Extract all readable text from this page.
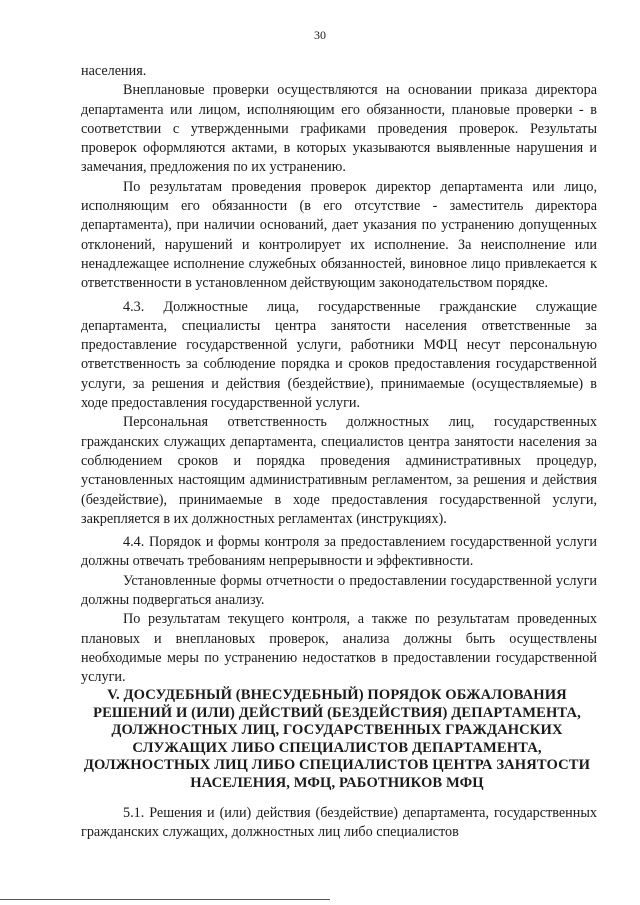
30

населения.

Внеплановые проверки осуществляются на основании приказа директора департамента или лицом, исполняющим его обязанности, плановые проверки - в соответствии с утвержденными графиками проведения проверок. Результаты проверок оформляются актами, в которых указываются выявленные нарушения и замечания, предложения по их устранению.

По результатам проведения проверок директор департамента или лицо, исполняющим его обязанности (в его отсутствие - заместитель директора департамента), при наличии оснований, дает указания по устранению допущенных отклонений, нарушений и контролирует их исполнение. За неисполнение или ненадлежащее исполнение служебных обязанностей, виновное лицо привлекается к ответственности в установленном действующим законодательством порядке.

4.3. Должностные лица, государственные гражданские служащие департамента, специалисты центра занятости населения ответственные за предоставление государственной услуги, работники МФЦ несут персональную ответственность за соблюдение порядка и сроков предоставления государственной услуги, за решения и действия (бездействие), принимаемые (осуществляемые) в ходе предоставления государственной услуги.

Персональная ответственность должностных лиц, государственных гражданских служащих департамента, специалистов центра занятости населения за соблюдением сроков и порядка проведения административных процедур, установленных настоящим административным регламентом, за решения и действия (бездействие), принимаемые в ходе предоставления государственной услуги, закрепляется в их должностных регламентах (инструкциях).

4.4. Порядок и формы контроля за предоставлением государственной услуги должны отвечать требованиям непрерывности и эффективности.

Установленные формы отчетности о предоставлении государственной услуги должны подвергаться анализу.

По результатам текущего контроля, а также по результатам проведенных плановых и внеплановых проверок, анализа должны быть осуществлены необходимые меры по устранению недостатков в предоставлении государственной услуги.

V. ДОСУДЕБНЫЙ (ВНЕСУДЕБНЫЙ) ПОРЯДОК ОБЖАЛОВАНИЯ РЕШЕНИЙ И (ИЛИ) ДЕЙСТВИЙ (БЕЗДЕЙСТВИЯ) ДЕПАРТАМЕНТА, ДОЛЖНОСТНЫХ ЛИЦ, ГОСУДАРСТВЕННЫХ ГРАЖДАНСКИХ СЛУЖАЩИХ ЛИБО СПЕЦИАЛИСТОВ ДЕПАРТАМЕНТА, ДОЛЖНОСТНЫХ ЛИЦ ЛИБО СПЕЦИАЛИСТОВ ЦЕНТРА ЗАНЯТОСТИ НАСЕЛЕНИЯ, МФЦ, РАБОТНИКОВ МФЦ

5.1. Решения и (или) действия (бездействие) департамента, государственных гражданских служащих, должностных лиц либо специалистов
